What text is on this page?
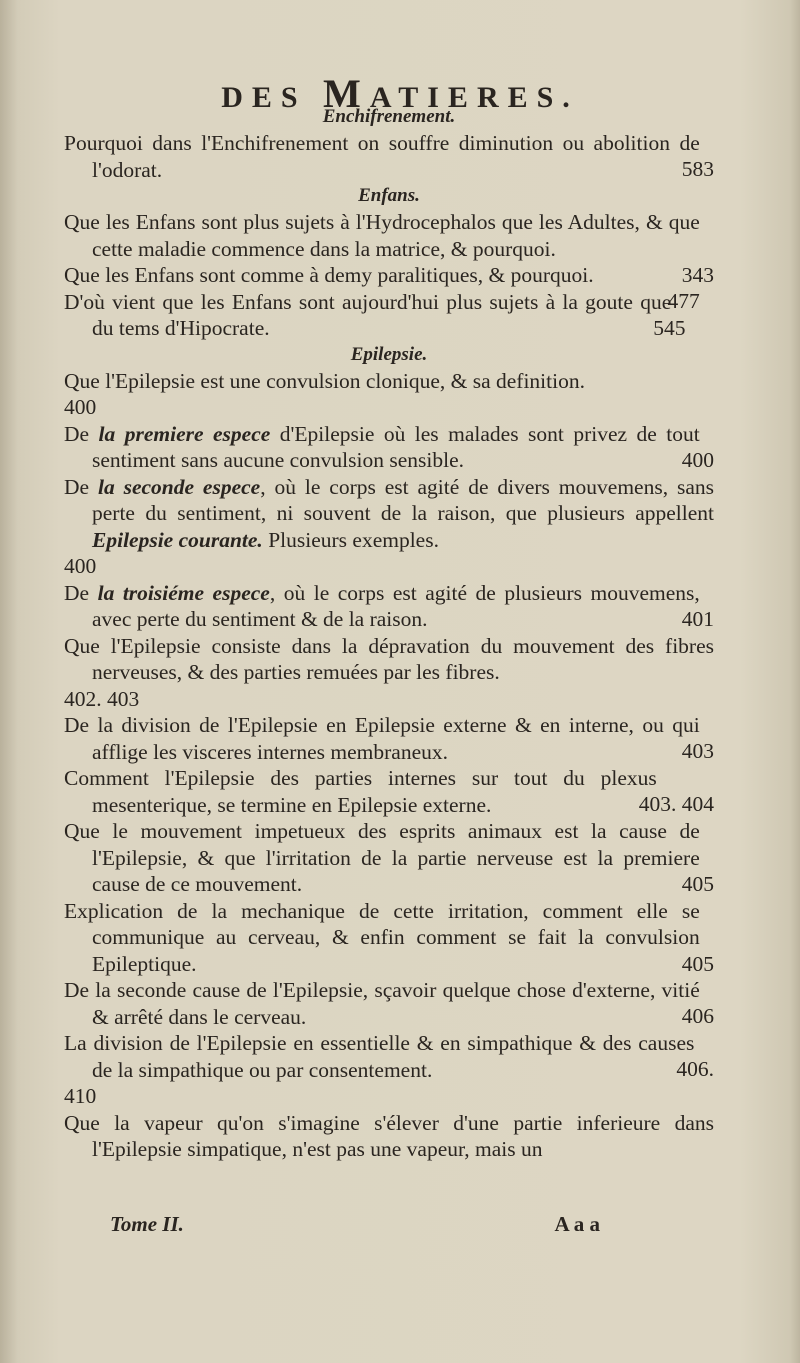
DES MATIERES.
Enchifrenement.
583
Pourquoi dans l'Enchifrenement on souffre diminution ou abolition de l'odorat.
Enfans.
343
Que les Enfans sont plus sujets à l'Hydrocephalos que les Adultes, & que cette maladie commence dans la matrice, & pourquoi.
477
Que les Enfans sont comme à demy paralitiques, & pourquoi.
545
D'où vient que les Enfans sont aujourd'hui plus sujets à la goute que du tems d'Hipocrate.
Epilepsie.
Que l'Epilepsie est une convulsion clonique, & sa definition.
400
400
De la premiere espece d'Epilepsie où les malades sont privez de tout sentiment sans aucune convulsion sensible.
De la seconde espece, où le corps est agité de divers mouvemens, sans perte du sentiment, ni souvent de la raison, que plusieurs appellent Epilepsie courante. Plusieurs exemples.
400
401
De la troisiéme espece, où le corps est agité de plusieurs mouvemens, avec perte du sentiment & de la raison.
Que l'Epilepsie consiste dans la dépravation du mouvement des fibres nerveuses, & des parties remuées par les fibres.
402. 403
403
De la division de l'Epilepsie en Epilepsie externe & en interne, ou qui afflige les visceres internes membraneux.
403. 404
Comment l'Epilepsie des parties internes sur tout du plexus mesenterique, se termine en Epilepsie externe.
405
Que le mouvement impetueux des esprits animaux est la cause de l'Epilepsie, & que l'irritation de la partie nerveuse est la premiere cause de ce mouvement.
405
Explication de la mechanique de cette irritation, comment elle se communique au cerveau, & enfin comment se fait la convulsion Epileptique.
406
De la seconde cause de l'Epilepsie, sçavoir quelque chose d'externe, vitié & arrêté dans le cerveau.
406.
La division de l'Epilepsie en essentielle & en simpathique & des causes de la simpathique ou par consentement.
410
Que la vapeur qu'on s'imagine s'élever d'une partie inferieure dans l'Epilepsie simpatique, n'est pas une vapeur, mais un
Tome II.	A a a
